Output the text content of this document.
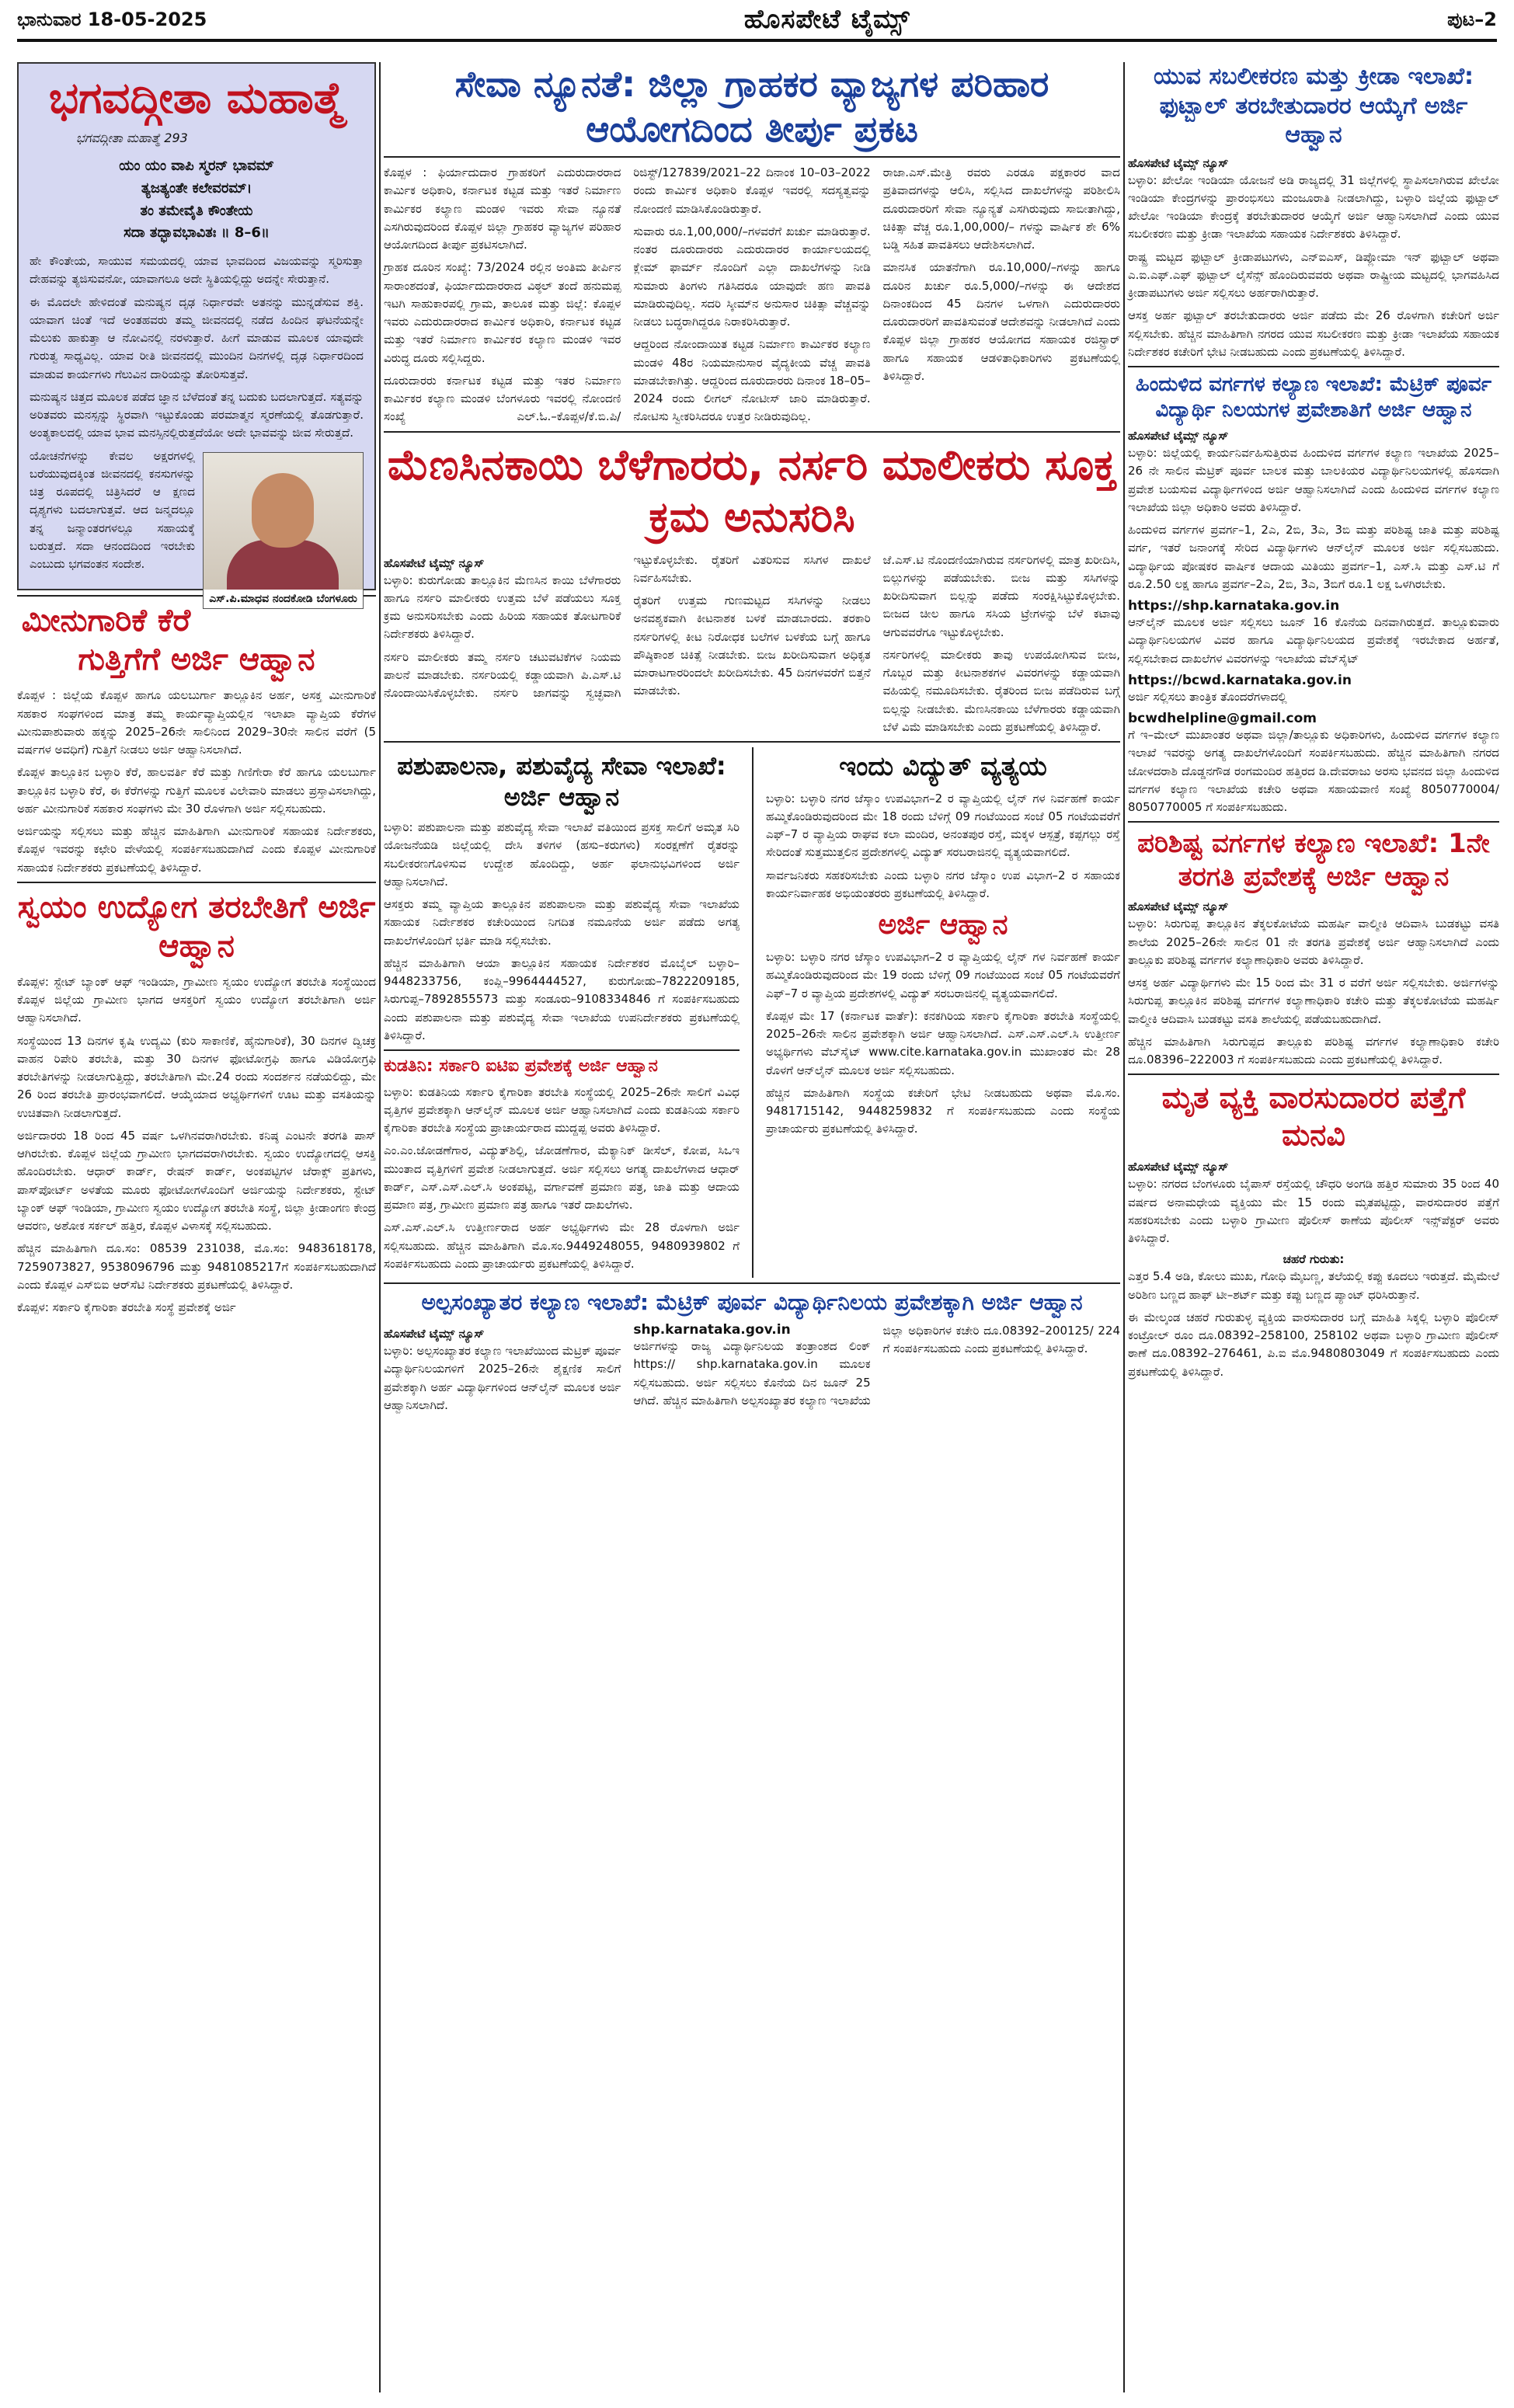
ಭಾನುವಾರ 18-05-2025	ಹೊಸಪೇಟೆ ಟೈಮ್ಸ್	ಪುಟ–2
ಭಗವದ್ಗೀತಾ ಮಹಾತ್ಮೆ
ಭಗವದ್ಗೀತಾ ಮಹಾತ್ಮೆ 293
ಯಂ ಯಂ ವಾಪಿ ಸ್ಮರನ್ ಭಾವಮ್
ತ್ಯಜತ್ಯಂತೇ ಕಲೇವರಮ್।
ತಂ ತಮೇವೈತಿ ಕೌಂತೇಯ
ಸದಾ ತದ್ಭಾವಭಾವಿತಃ ॥ 8–6॥

ಹೇ ಕೌಂತೇಯ, ಸಾಯುವ ಸಮಯದಲ್ಲಿ ಯಾವ ಭಾವದಿಂದ ವಿಜಯವನ್ನು ಸ್ಮರಿಸುತ್ತಾ ದೇಹವನ್ನು ತ್ಯಜಿಸುವನೋ, ಯಾವಾಗಲೂ ಅದೇ ಸ್ಥಿತಿಯಲ್ಲಿದ್ದು ಅದನ್ನೇ ಸೇರುತ್ತಾನೆ.

ಈ ಮೊದಲೇ ಹೇಳಿದಂತೆ ಮನುಷ್ಯನ ದೃಢ ನಿರ್ಧಾರವೇ ಅತನನ್ನು ಮುನ್ನಡೆಸುವ ಶಕ್ತಿ. ಯಾವಾಗ ಚಿಂತೆ ಇದೆ ಅಂತಹವರು ತಮ್ಮ ಜೀವನದಲ್ಲಿ ನಡೆದ ಹಿಂದಿನ ಘಟನೆಯನ್ನೇ ಮೆಲುಕು ಹಾಕುತ್ತಾ ಆ ನೋವಿನಲ್ಲಿ ನರಳುತ್ತಾರೆ. ಹೀಗೆ ಮಾಡುವ ಮೂಲಕ ಯಾವುದೇ ಗುರುತ್ವ ಸಾಧ್ಯವಿಲ್ಲ. ಯಾವ ರೀತಿ ಜೀವನದಲ್ಲಿ ಮುಂದಿನ ದಿನಗಳಲ್ಲಿ ದೃಢ ನಿರ್ಧಾರದಿಂದ ಮಾಡುವ ಕಾರ್ಯಗಳು ಗೆಲುವಿನ ದಾರಿಯನ್ನು ತೋರಿಸುತ್ತವೆ.

ಮನುಷ್ಯನ ಚಿತ್ತದ ಮೂಲಕ ಪಡೆದ ಜ್ಞಾನ ಬೆಳೆದಂತೆ ತನ್ನ ಬದುಕು ಬದಲಾಗುತ್ತದೆ. ಸತ್ಯವನ್ನು ಅರಿತವರು ಮನಸ್ಸನ್ನು ಸ್ಥಿರವಾಗಿ ಇಟ್ಟುಕೊಂಡು ಪರಮಾತ್ಮನ ಸ್ಮರಣೆಯಲ್ಲಿ ತೊಡಗುತ್ತಾರೆ. ಅಂತ್ಯಕಾಲದಲ್ಲಿ ಯಾವ ಭಾವ ಮನಸ್ಸಿನಲ್ಲಿರುತ್ತದೆಯೋ ಅದೇ ಭಾವವನ್ನು ಜೀವ ಸೇರುತ್ತದೆ.

ಎಸ್.ಪಿ.ಮಾಧವ ನಂದಕೋಡಿ ಬೆಂಗಳೂರು

ಯೋಚನೆಗಳನ್ನು ಕೇವಲ ಅಕ್ಷರಗಳಲ್ಲಿ ಬರೆಯುವುದಕ್ಕಿಂತ ಜೀವನದಲ್ಲಿ ಕನಸುಗಳನ್ನು ಚಿತ್ರ ರೂಪದಲ್ಲಿ ಚಿತ್ರಿಸಿದರೆ ಆ ಕ್ಷಣದ ದೃಶ್ಯಗಳು ಬದಲಾಗುತ್ತವೆ. ಆದ ಜನ್ಮದಲ್ಲೂ ತನ್ನ ಜನ್ಮಾಂತರಗಳಲ್ಲೂ ಸಹಾಯಕ್ಕೆ ಬರುತ್ತದೆ. ಸದಾ ಆನಂದದಿಂದ ಇರಬೇಕು ಎಂಬುದು ಭಗವಂತನ ಸಂದೇಶ.

ಮೀನುಗಾರಿಕೆ ಕೆರೆ ಗುತ್ತಿಗೆಗೆ ಅರ್ಜಿ ಆಹ್ವಾನ

ಕೊಪ್ಪಳ : ಜಿಲ್ಲೆಯ ಕೊಪ್ಪಳ ಹಾಗೂ ಯಲಬುರ್ಗಾ ತಾಲ್ಲೂಕಿನ ಅರ್ಹ, ಅಸಕ್ತ ಮೀನುಗಾರಿಕೆ ಸಹಕಾರ ಸಂಘಗಳಿಂದ ಮಾತ್ರ ತಮ್ಮ ಕಾರ್ಯವ್ಯಾಪ್ತಿಯಲ್ಲಿನ ಇಲಾಖಾ ವ್ಯಾಪ್ತಿಯ ಕೆರೆಗಳ ಮೀನುಪಾಶುವಾರು ಹಕ್ಕನ್ನು 2025–26ನೇ ಸಾಲಿನಿಂದ 2029–30ನೇ ಸಾಲಿನ ವರೆಗೆ (5 ವರ್ಷಗಳ ಅವಧಿಗೆ) ಗುತ್ತಿಗೆ ನೀಡಲು ಅರ್ಜಿ ಆಹ್ವಾನಿಸಲಾಗಿದೆ.

ಕೊಪ್ಪಳ ತಾಲ್ಲೂಕಿನ ಬಳ್ಳಾರಿ ಕೆರೆ, ಹಾಲವರ್ತಿ ಕೆರೆ ಮತ್ತು ಗಿಣಿಗೇರಾ ಕೆರೆ ಹಾಗೂ ಯಲಬುರ್ಗಾ ತಾಲ್ಲೂಕಿನ ಬಳ್ಳಾರಿ ಕೆರೆ, ಈ ಕೆರೆಗಳನ್ನು ಗುತ್ತಿಗೆ ಮೂಲಕ ವಿಲೇವಾರಿ ಮಾಡಲು ಪ್ರಸ್ತಾವಿಸಲಾಗಿದ್ದು, ಅರ್ಹ ಮೀನುಗಾರಿಕೆ ಸಹಕಾರ ಸಂಘಗಳು ಮೇ 30 ರೊಳಗಾಗಿ ಅರ್ಜಿ ಸಲ್ಲಿಸಬಹುದು.

ಅರ್ಜಿಯನ್ನು ಸಲ್ಲಿಸಲು ಮತ್ತು ಹೆಚ್ಚಿನ ಮಾಹಿತಿಗಾಗಿ ಮೀನುಗಾರಿಕೆ ಸಹಾಯಕ ನಿರ್ದೇಶಕರು, ಕೊಪ್ಪಳ ಇವರನ್ನು ಕಛೇರಿ ವೇಳೆಯಲ್ಲಿ ಸಂಪರ್ಕಿಸಬಹುದಾಗಿದೆ ಎಂದು ಕೊಪ್ಪಳ ಮೀನುಗಾರಿಕೆ ಸಹಾಯಕ ನಿರ್ದೇಶಕರು ಪ್ರಕಟಣೆಯಲ್ಲಿ ತಿಳಿಸಿದ್ದಾರೆ.

ಸ್ವಯಂ ಉದ್ಯೋಗ ತರಬೇತಿಗೆ ಅರ್ಜಿ ಆಹ್ವಾನ

ಕೊಪ್ಪಳ: ಸ್ಟೇಟ್ ಬ್ಯಾಂಕ್ ಆಫ್ ಇಂಡಿಯಾ, ಗ್ರಾಮೀಣ ಸ್ವಯಂ ಉದ್ಯೋಗ ತರಬೇತಿ ಸಂಸ್ಥೆಯಿಂದ ಕೊಪ್ಪಳ ಜಿಲ್ಲೆಯ ಗ್ರಾಮೀಣ ಭಾಗದ ಆಸಕ್ತರಿಗೆ ಸ್ವಯಂ ಉದ್ಯೋಗ ತರಬೇತಿಗಾಗಿ ಅರ್ಜಿ ಆಹ್ವಾನಿಸಲಾಗಿದೆ.

ಸಂಸ್ಥೆಯಿಂದ 13 ದಿನಗಳ ಕೃಷಿ ಉದ್ಯಮಿ (ಕುರಿ ಸಾಕಾಣಿಕೆ, ಹೈನುಗಾರಿಕೆ), 30 ದಿನಗಳ ದ್ವಿಚಕ್ರ ವಾಹನ ರಿಪೇರಿ ತರಬೇತಿ, ಮತ್ತು 30 ದಿನಗಳ ಫೋಟೋಗ್ರಫಿ ಹಾಗೂ ವಿಡಿಯೋಗ್ರಫಿ ತರಬೇತಿಗಳನ್ನು ನೀಡಲಾಗುತ್ತಿದ್ದು, ತರಬೇತಿಗಾಗಿ ಮೇ.24 ರಂದು ಸಂದರ್ಶನ ನಡೆಯಲಿದ್ದು, ಮೇ 26 ರಿಂದ ತರಬೇತಿ ಪ್ರಾರಂಭವಾಗಲಿದೆ. ಆಯ್ಕೆಯಾದ ಅಭ್ಯರ್ಥಿಗಳಿಗೆ ಊಟ ಮತ್ತು ವಸತಿಯನ್ನು ಉಚಿತವಾಗಿ ನೀಡಲಾಗುತ್ತದೆ.

ಅರ್ಜಿದಾರರು 18 ರಿಂದ 45 ವರ್ಷ ಒಳಗಿನವರಾಗಿರಬೇಕು. ಕನಿಷ್ಠ ಎಂಟನೇ ತರಗತಿ ಪಾಸ್ ಆಗಿರಬೇಕು. ಕೊಪ್ಪಳ ಜಿಲ್ಲೆಯ ಗ್ರಾಮೀಣ ಭಾಗದವರಾಗಿರಬೇಕು. ಸ್ವಯಂ ಉದ್ಯೋಗದಲ್ಲಿ ಆಸಕ್ತಿ ಹೊಂದಿರಬೇಕು. ಆಧಾರ್ ಕಾರ್ಡ್, ರೇಷನ್ ಕಾರ್ಡ್, ಅಂಕಪಟ್ಟಿಗಳ ಜೆರಾಕ್ಸ್ ಪ್ರತಿಗಳು, ಪಾಸ್‌ಪೋರ್ಟ್ ಅಳತೆಯ ಮೂರು ಫೋಟೋಗಳೊಂದಿಗೆ ಅರ್ಜಿಯನ್ನು ನಿರ್ದೇಶಕರು, ಸ್ಟೇಟ್ ಬ್ಯಾಂಕ್ ಆಫ್ ಇಂಡಿಯಾ, ಗ್ರಾಮೀಣ ಸ್ವಯಂ ಉದ್ಯೋಗ ತರಬೇತಿ ಸಂಸ್ಥೆ, ಜಿಲ್ಲಾ ಕ್ರೀಡಾಂಗಣ ಕೇಂದ್ರ ಆವರಣ, ಅಶೋಕ ಸರ್ಕಲ್ ಹತ್ತಿರ, ಕೊಪ್ಪಳ ವಿಳಾಸಕ್ಕೆ ಸಲ್ಲಿಸಬಹುದು.

ಹೆಚ್ಚಿನ ಮಾಹಿತಿಗಾಗಿ ದೂ.ಸಂ: 08539 231038, ಮೊ.ಸಂ: 9483618178, 7259073827, 9538096796 ಮತ್ತು 9481085217ಗೆ ಸಂಪರ್ಕಿಸಬಹುದಾಗಿದೆ ಎಂದು ಕೊಪ್ಪಳ ಎಸ್‌ಬಿಐ ಆರ್‌ಸೆಟಿ ನಿರ್ದೇಶಕರು ಪ್ರಕಟಣೆಯಲ್ಲಿ ತಿಳಿಸಿದ್ದಾರೆ.

ಕೊಪ್ಪಳ: ಸರ್ಕಾರಿ ಕೈಗಾರಿಕಾ ತರಬೇತಿ ಸಂಸ್ಥೆ ಪ್ರವೇಶಕ್ಕೆ ಅರ್ಜಿ

ಸೇವಾ ನ್ಯೂನತೆ: ಜಿಲ್ಲಾ ಗ್ರಾಹಕರ ವ್ಯಾಜ್ಯಗಳ ಪರಿಹಾರ ಆಯೋಗದಿಂದ ತೀರ್ಪು ಪ್ರಕಟ

ಕೊಪ್ಪಳ : ಫಿರ್ಯಾದುದಾರ ಗ್ರಾಹಕರಿಗೆ ಎದುರುದಾರರಾದ ಕಾರ್ಮಿಕ ಅಧಿಕಾರಿ, ಕರ್ನಾಟಕ ಕಟ್ಟಡ ಮತ್ತು ಇತರೆ ನಿರ್ಮಾಣ ಕಾರ್ಮಿಕರ ಕಲ್ಯಾಣ ಮಂಡಳಿ ಇವರು ಸೇವಾ ನ್ಯೂನತೆ ಎಸಗಿರುವುದರಿಂದ ಕೊಪ್ಪಳ ಜಿಲ್ಲಾ ಗ್ರಾಹಕರ ವ್ಯಾಜ್ಯಗಳ ಪರಿಹಾರ ಆಯೋಗದಿಂದ ತೀರ್ಪು ಪ್ರಕಟಿಸಲಾಗಿದೆ.

ಗ್ರಾಹಕ ದೂರಿನ ಸಂಖ್ಯೆ: 73/2024 ರಲ್ಲಿನ ಅಂತಿಮ ತೀರ್ಪಿನ ಸಾರಾಂಶದಂತೆ, ಫಿರ್ಯಾದುದಾರರಾದ ವಿಠ್ಠಲ್ ತಂದೆ ಹನುಮಪ್ಪ ಇಟಗಿ ಸಾಹುಕಾರಪಲ್ಲಿ ಗ್ರಾಮ, ತಾಲೂಕ ಮತ್ತು ಜಿಲ್ಲೆ: ಕೊಪ್ಪಳ ಇವರು ಎದುರುದಾರರಾದ ಕಾರ್ಮಿಕ ಅಧಿಕಾರಿ, ಕರ್ನಾಟಕ ಕಟ್ಟಡ ಮತ್ತು ಇತರೆ ನಿರ್ಮಾಣ ಕಾರ್ಮಿಕರ ಕಲ್ಯಾಣ ಮಂಡಳಿ ಇವರ ವಿರುದ್ಧ ದೂರು ಸಲ್ಲಿಸಿದ್ದರು.

ದೂರುದಾರರು ಕರ್ನಾಟಕ ಕಟ್ಟಡ ಮತ್ತು ಇತರ ನಿರ್ಮಾಣ ಕಾರ್ಮಿಕರ ಕಲ್ಯಾಣ ಮಂಡಳಿ ಬೆಂಗಳೂರು ಇವರಲ್ಲಿ ನೋಂದಣಿ ಸಂಖ್ಯೆ ಎಲ್.ಓ.–ಕೊಪ್ಪಳ/ಕೆ.ಬಿ.ಪಿ/ರಿಜಿಸ್ಟ್/127839/2021–22 ದಿನಾಂಕ 10–03–2022 ರಂದು ಕಾರ್ಮಿಕ ಅಧಿಕಾರಿ ಕೊಪ್ಪಳ ಇವರಲ್ಲಿ ಸದಸ್ಯತ್ವವನ್ನು ನೋಂದಣಿ ಮಾಡಿಸಿಕೊಂಡಿರುತ್ತಾರೆ.

ಸುವಾರು ರೂ.1,00,000/–ಗಳವರೆಗೆ ಖರ್ಚು ಮಾಡಿರುತ್ತಾರೆ. ನಂತರ ದೂರುದಾರರು ಎದುರುದಾರರ ಕಾರ್ಯಾಲಯದಲ್ಲಿ ಕ್ಲೇಮ್ ಫಾರ್ಮ್ ನೊಂದಿಗೆ ಎಲ್ಲಾ ದಾಖಲೆಗಳನ್ನು ನೀಡಿ ಸುಮಾರು ತಿಂಗಳು ಗತಿಸಿದರೂ ಯಾವುದೇ ಹಣ ಪಾವತಿ ಮಾಡಿರುವುದಿಲ್ಲ. ಸದರಿ ಸ್ಕೀಮ್‌ನ ಅನುಸಾರ ಚಿಕಿತ್ಸಾ ವೆಚ್ಚವನ್ನು ನೀಡಲು ಬದ್ಧರಾಗಿದ್ದರೂ ನಿರಾಕರಿಸಿರುತ್ತಾರೆ.

ಆದ್ದರಿಂದ ನೋಂದಾಯಿತ ಕಟ್ಟಡ ನಿರ್ಮಾಣ ಕಾರ್ಮಿಕರ ಕಲ್ಯಾಣ ಮಂಡಳಿ 48ರ ನಿಯಮಾನುಸಾರ ವೈದ್ಯಕೀಯ ವೆಚ್ಚ ಪಾವತಿ ಮಾಡಬೇಕಾಗಿತ್ತು. ಆದ್ದರಿಂದ ದೂರುದಾರರು ದಿನಾಂಕ 18–05–2024 ರಂದು ಲೀಗಲ್ ನೋಟೀಸ್ ಜಾರಿ ಮಾಡಿರುತ್ತಾರೆ. ನೋಟಿಸು ಸ್ವೀಕರಿಸಿದರೂ ಉತ್ತರ ನೀಡಿರುವುದಿಲ್ಲ.

ರಾಜಾ.ಎಸ್.ಮೇತ್ರಿ ರವರು ಎರಡೂ ಪಕ್ಷಕಾರರ ವಾದ ಪ್ರತಿವಾದಗಳನ್ನು ಆಲಿಸಿ, ಸಲ್ಲಿಸಿದ ದಾಖಲೆಗಳನ್ನು ಪರಿಶೀಲಿಸಿ ದೂರುದಾರರಿಗೆ ಸೇವಾ ನ್ಯೂನ್ಯತೆ ಎಸಗಿರುವುದು ಸಾಬೀತಾಗಿದ್ದು, ಚಿಕಿತ್ಸಾ ವೆಚ್ಚ ರೂ.1,00,000/– ಗಳನ್ನು ವಾರ್ಷಿಕ ಶೇ 6% ಬಡ್ಡಿ ಸಹಿತ ಪಾವತಿಸಲು ಆದೇಶಿಸಲಾಗಿದೆ.

ಮಾನಸಿಕ ಯಾತನೆಗಾಗಿ ರೂ.10,000/–ಗಳನ್ನು ಹಾಗೂ ದೂರಿನ ಖರ್ಚು ರೂ.5,000/–ಗಳನ್ನು ಈ ಆದೇಶದ ದಿನಾಂಕದಿಂದ 45 ದಿನಗಳ ಒಳಗಾಗಿ ಎದುರುದಾರರು ದೂರುದಾರರಿಗೆ ಪಾವತಿಸುವಂತೆ ಆದೇಶವನ್ನು ನೀಡಲಾಗಿದೆ ಎಂದು ಕೊಪ್ಪಳ ಜಿಲ್ಲಾ ಗ್ರಾಹಕರ ಆಯೋಗದ ಸಹಾಯಕ ರಜಿಸ್ಟ್ರಾರ್ ಹಾಗೂ ಸಹಾಯಕ ಆಡಳಿತಾಧಿಕಾರಿಗಳು ಪ್ರಕಟಣೆಯಲ್ಲಿ ತಿಳಿಸಿದ್ದಾರೆ.

ಮೆಣಸಿನಕಾಯಿ ಬೆಳೆಗಾರರು, ನರ್ಸರಿ ಮಾಲೀಕರು ಸೂಕ್ತ ಕ್ರಮ ಅನುಸರಿಸಿ
ಹೊಸಪೇಟೆ ಟೈಮ್ಸ್ ನ್ಯೂಸ್

ಬಳ್ಳಾರಿ: ಕುರುಗೋಡು ತಾಲ್ಲೂಕಿನ ಮೆಣಸಿನ ಕಾಯಿ ಬೆಳೆಗಾರರು ಹಾಗೂ ನರ್ಸರಿ ಮಾಲೀಕರು ಉತ್ತಮ ಬೆಳೆ ಪಡೆಯಲು ಸೂಕ್ತ ಕ್ರಮ ಅನುಸರಿಸಬೇಕು ಎಂದು ಹಿರಿಯ ಸಹಾಯಕ ತೋಟಗಾರಿಕೆ ನಿರ್ದೇಶಕರು ತಿಳಿಸಿದ್ದಾರೆ.

ನರ್ಸರಿ ಮಾಲೀಕರು ತಮ್ಮ ನರ್ಸರಿ ಚಟುವಟಿಕೆಗಳ ನಿಯಮ ಪಾಲನೆ ಮಾಡಬೇಕು. ನರ್ಸರಿಯಲ್ಲಿ ಕಡ್ಡಾಯವಾಗಿ ಪಿ.ಎಸ್.ಟಿ ನೊಂದಾಯಿಸಿಕೊಳ್ಳಬೇಕು. ನರ್ಸರಿ ಜಾಗವನ್ನು ಸ್ವಚ್ಛವಾಗಿ ಇಟ್ಟುಕೊಳ್ಳಬೇಕು. ರೈತರಿಗೆ ವಿತರಿಸುವ ಸಸಿಗಳ ದಾಖಲೆ ನಿರ್ವಹಿಸಬೇಕು.

ರೈತರಿಗೆ ಉತ್ತಮ ಗುಣಮಟ್ಟದ ಸಸಿಗಳನ್ನು ನೀಡಲು ಅನವಶ್ಯಕವಾಗಿ ಕೀಟನಾಶಕ ಬಳಕೆ ಮಾಡಬಾರದು. ತರಕಾರಿ ನರ್ಸರಿಗಳಲ್ಲಿ ಕೀಟ ನಿರೋಧಕ ಬಲೆಗಳ ಬಳಕೆಯ ಬಗ್ಗೆ ಹಾಗೂ ಪೌಷ್ಠಿಕಾಂಶ ಚಿಕಿತ್ಸೆ ನೀಡಬೇಕು. ಬೀಜ ಖರೀದಿಸುವಾಗ ಅಧಿಕೃತ ಮಾರಾಟಗಾರರಿಂದಲೇ ಖರೀದಿಸಬೇಕು. 45 ದಿನಗಳವರೆಗೆ ಬಿತ್ತನೆ ಮಾಡಬೇಕು.

ಜೆ.ಎಸ್.ಟಿ ನೊಂದಣಿಯಾಗಿರುವ ನರ್ಸರಿಗಳಲ್ಲಿ ಮಾತ್ರ ಖರೀದಿಸಿ, ಬಿಲ್ಲುಗಳನ್ನು ಪಡೆಯಬೇಕು. ಬೀಜ ಮತ್ತು ಸಸಿಗಳನ್ನು ಖರೀದಿಸುವಾಗ ಬಿಲ್ಲನ್ನು ಪಡೆದು ಸಂರಕ್ಷಿಸಿಟ್ಟುಕೊಳ್ಳಬೇಕು. ಬೀಜದ ಚೀಲ ಹಾಗೂ ಸಸಿಯ ಟ್ರೇಗಳನ್ನು ಬೆಳೆ ಕಟಾವು ಆಗುವವರೆಗೂ ಇಟ್ಟುಕೊಳ್ಳಬೇಕು.

ನರ್ಸರಿಗಳಲ್ಲಿ ಮಾಲೀಕರು ತಾವು ಉಪಯೋಗಿಸುವ ಬೀಜ, ಗೊಬ್ಬರ ಮತ್ತು ಕೀಟನಾಶಕಗಳ ವಿವರಗಳನ್ನು ಕಡ್ಡಾಯವಾಗಿ ವಹಿಯಲ್ಲಿ ನಮೂದಿಸಬೇಕು. ರೈತರಿಂದ ಬೀಜ ಪಡೆದಿರುವ ಬಗ್ಗೆ ಬಿಲ್ಲನ್ನು ನೀಡಬೇಕು. ಮೆಣಸಿನಕಾಯಿ ಬೆಳೆಗಾರರು ಕಡ್ಡಾಯವಾಗಿ ಬೆಳೆ ವಿಮೆ ಮಾಡಿಸಬೇಕು ಎಂದು ಪ್ರಕಟಣೆಯಲ್ಲಿ ತಿಳಿಸಿದ್ದಾರೆ.

ಪಶುಪಾಲನಾ, ಪಶುವೈದ್ಯ ಸೇವಾ ಇಲಾಖೆ: ಅರ್ಜಿ ಆಹ್ವಾನ

ಬಳ್ಳಾರಿ: ಪಶುಪಾಲನಾ ಮತ್ತು ಪಶುವೈದ್ಯ ಸೇವಾ ಇಲಾಖೆ ವತಿಯಿಂದ ಪ್ರಸಕ್ತ ಸಾಲಿಗೆ ಅಮೃತ ಸಿರಿ ಯೋಜನೆಯಡಿ ಜಿಲ್ಲೆಯಲ್ಲಿ ದೇಸಿ ತಳಿಗಳ (ಹಸು–ಕರುಗಳು) ಸಂರಕ್ಷಣೆಗೆ ರೈತರನ್ನು ಸಬಲೀಕರಣಗೊಳಿಸುವ ಉದ್ದೇಶ ಹೊಂದಿದ್ದು, ಅರ್ಹ ಫಲಾನುಭವಿಗಳಿಂದ ಅರ್ಜಿ ಆಹ್ವಾನಿಸಲಾಗಿದೆ.

ಆಸಕ್ತರು ತಮ್ಮ ವ್ಯಾಪ್ತಿಯ ತಾಲ್ಲೂಕಿನ ಪಶುಪಾಲನಾ ಮತ್ತು ಪಶುವೈದ್ಯ ಸೇವಾ ಇಲಾಖೆಯ ಸಹಾಯಕ ನಿರ್ದೇಶಕರ ಕಚೇರಿಯಿಂದ ನಿಗದಿತ ನಮೂನೆಯ ಅರ್ಜಿ ಪಡೆದು ಅಗತ್ಯ ದಾಖಲೆಗಳೊಂದಿಗೆ ಭರ್ತಿ ಮಾಡಿ ಸಲ್ಲಿಸಬೇಕು.

ಹೆಚ್ಚಿನ ಮಾಹಿತಿಗಾಗಿ ಆಯಾ ತಾಲ್ಲೂಕಿನ ಸಹಾಯಕ ನಿರ್ದೇಶಕರ ಮೊಬೈಲ್ ಬಳ್ಳಾರಿ–9448233756, ಕಂಪ್ಲಿ–9964444527, ಕುರುಗೋಡು–7822209185, ಸಿರುಗುಪ್ಪ–7892855573 ಮತ್ತು ಸಂಡೂರು–9108334846 ಗೆ ಸಂಪರ್ಕಿಸಬಹುದು ಎಂದು ಪಶುಪಾಲನಾ ಮತ್ತು ಪಶುವೈದ್ಯ ಸೇವಾ ಇಲಾಖೆಯ ಉಪನಿರ್ದೇಶಕರು ಪ್ರಕಟಣೆಯಲ್ಲಿ ತಿಳಿಸಿದ್ದಾರೆ.

ಕುಡತಿನಿ: ಸರ್ಕಾರಿ ಐಟಿಐ ಪ್ರವೇಶಕ್ಕೆ ಅರ್ಜಿ ಆಹ್ವಾನ

ಬಳ್ಳಾರಿ: ಕುಡತಿನಿಯ ಸರ್ಕಾರಿ ಕೈಗಾರಿಕಾ ತರಬೇತಿ ಸಂಸ್ಥೆಯಲ್ಲಿ 2025–26ನೇ ಸಾಲಿಗೆ ವಿವಿಧ ವೃತ್ತಿಗಳ ಪ್ರವೇಶಕ್ಕಾಗಿ ಆನ್‌ಲೈನ್ ಮೂಲಕ ಅರ್ಜಿ ಆಹ್ವಾನಿಸಲಾಗಿದೆ ಎಂದು ಕುಡತಿನಿಯ ಸರ್ಕಾರಿ ಕೈಗಾರಿಕಾ ತರಬೇತಿ ಸಂಸ್ಥೆಯ ಪ್ರಾಚಾರ್ಯರಾದ ಮುದ್ದಪ್ಪ ಅವರು ತಿಳಿಸಿದ್ದಾರೆ.

ಎಂ.ಎಂ.ಜೋಡಣೆಗಾರ, ವಿದ್ಯುತ್‌ಶಿಲ್ಪಿ, ಜೋಡಣೆಗಾರ, ಮೆಕ್ಯಾನಿಕ್ ಡೀಸೆಲ್, ಕೋಪ, ಸಿಒಇ ಮುಂತಾದ ವೃತ್ತಿಗಳಿಗೆ ಪ್ರವೇಶ ನೀಡಲಾಗುತ್ತದೆ. ಅರ್ಜಿ ಸಲ್ಲಿಸಲು ಅಗತ್ಯ ದಾಖಲೆಗಳಾದ ಆಧಾರ್ ಕಾರ್ಡ್, ಎಸ್.ಎಸ್.ಎಲ್.ಸಿ ಅಂಕಪಟ್ಟಿ, ವರ್ಗಾವಣೆ ಪ್ರಮಾಣ ಪತ್ರ, ಜಾತಿ ಮತ್ತು ಆದಾಯ ಪ್ರಮಾಣ ಪತ್ರ, ಗ್ರಾಮೀಣ ಪ್ರಮಾಣ ಪತ್ರ ಹಾಗೂ ಇತರೆ ದಾಖಲೆಗಳು.

ಎಸ್.ಎಸ್.ಎಲ್.ಸಿ ಉತ್ತೀರ್ಣರಾದ ಅರ್ಹ ಅಭ್ಯರ್ಥಿಗಳು ಮೇ 28 ರೊಳಗಾಗಿ ಅರ್ಜಿ ಸಲ್ಲಿಸಬಹುದು. ಹೆಚ್ಚಿನ ಮಾಹಿತಿಗಾಗಿ ಮೊ.ಸಂ.9449248055, 9480939802 ಗೆ ಸಂಪರ್ಕಿಸಬಹುದು ಎಂದು ಪ್ರಾಚಾರ್ಯರು ಪ್ರಕಟಣೆಯಲ್ಲಿ ತಿಳಿಸಿದ್ದಾರೆ.

ಇಂದು ವಿದ್ಯುತ್ ವ್ಯತ್ಯಯ

ಬಳ್ಳಾರಿ: ಬಳ್ಳಾರಿ ನಗರ ಜೆಸ್ಕಾಂ ಉಪವಿಭಾಗ–2 ರ ವ್ಯಾಪ್ತಿಯಲ್ಲಿ ಲೈನ್ ಗಳ ನಿರ್ವಹಣೆ ಕಾರ್ಯ ಹಮ್ಮಿಕೊಂಡಿರುವುದರಿಂದ ಮೇ 18 ರಂದು ಬೆಳಿಗ್ಗೆ 09 ಗಂಟೆಯಿಂದ ಸಂಜೆ 05 ಗಂಟೆಯವರೆಗೆ ಎಫ್–7 ರ ವ್ಯಾಪ್ತಿಯ ರಾಘವ ಕಲಾ ಮಂದಿರ, ಅನಂತಪುರ ರಸ್ತೆ, ಮಕ್ಕಳ ಆಸ್ಪತ್ರೆ, ಕಪ್ಪಗಲ್ಲು ರಸ್ತೆ ಸೇರಿದಂತೆ ಸುತ್ತಮುತ್ತಲಿನ ಪ್ರದೇಶಗಳಲ್ಲಿ ವಿದ್ಯುತ್ ಸರಬರಾಜಿನಲ್ಲಿ ವ್ಯತ್ಯಯವಾಗಲಿದೆ.

ಸಾರ್ವಜನಿಕರು ಸಹಕರಿಸಬೇಕು ಎಂದು ಬಳ್ಳಾರಿ ನಗರ ಜೆಸ್ಕಾಂ ಉಪ ವಿಭಾಗ–2 ರ ಸಹಾಯಕ ಕಾರ್ಯನಿರ್ವಾಹಕ ಅಭಿಯಂತರರು ಪ್ರಕಟಣೆಯಲ್ಲಿ ತಿಳಿಸಿದ್ದಾರೆ.

ಅರ್ಜಿ ಆಹ್ವಾನ

ಬಳ್ಳಾರಿ: ಬಳ್ಳಾರಿ ನಗರ ಜೆಸ್ಕಾಂ ಉಪವಿಭಾಗ–2 ರ ವ್ಯಾಪ್ತಿಯಲ್ಲಿ ಲೈನ್ ಗಳ ನಿರ್ವಹಣೆ ಕಾರ್ಯ ಹಮ್ಮಿಕೊಂಡಿರುವುದರಿಂದ ಮೇ 19 ರಂದು ಬೆಳಿಗ್ಗೆ 09 ಗಂಟೆಯಿಂದ ಸಂಜೆ 05 ಗಂಟೆಯವರೆಗೆ ಎಫ್–7 ರ ವ್ಯಾಪ್ತಿಯ ಪ್ರದೇಶಗಳಲ್ಲಿ ವಿದ್ಯುತ್ ಸರಬರಾಜಿನಲ್ಲಿ ವ್ಯತ್ಯಯವಾಗಲಿದೆ.

ಕೊಪ್ಪಳ ಮೇ 17 (ಕರ್ನಾಟಕ ವಾರ್ತೆ): ಕನಕಗಿರಿಯ ಸರ್ಕಾರಿ ಕೈಗಾರಿಕಾ ತರಬೇತಿ ಸಂಸ್ಥೆಯಲ್ಲಿ 2025–26ನೇ ಸಾಲಿನ ಪ್ರವೇಶಕ್ಕಾಗಿ ಅರ್ಜಿ ಆಹ್ವಾನಿಸಲಾಗಿದೆ. ಎಸ್.ಎಸ್.ಎಲ್.ಸಿ ಉತ್ತೀರ್ಣ ಅಭ್ಯರ್ಥಿಗಳು ವೆಬ್‌ಸೈಟ್ www.cite.karnataka.gov.in ಮುಖಾಂತರ ಮೇ 28 ರೊಳಗೆ ಆನ್‌ಲೈನ್ ಮೂಲಕ ಅರ್ಜಿ ಸಲ್ಲಿಸಬಹುದು.

ಹೆಚ್ಚಿನ ಮಾಹಿತಿಗಾಗಿ ಸಂಸ್ಥೆಯ ಕಚೇರಿಗೆ ಭೇಟಿ ನೀಡಬಹುದು ಅಥವಾ ಮೊ.ಸಂ. 9481715142, 9448259832 ಗೆ ಸಂಪರ್ಕಿಸಬಹುದು ಎಂದು ಸಂಸ್ಥೆಯ ಪ್ರಾಚಾರ್ಯರು ಪ್ರಕಟಣೆಯಲ್ಲಿ ತಿಳಿಸಿದ್ದಾರೆ.

ಅಲ್ಪಸಂಖ್ಯಾತರ ಕಲ್ಯಾಣ ಇಲಾಖೆ: ಮೆಟ್ರಿಕ್ ಪೂರ್ವ ವಿದ್ಯಾರ್ಥಿನಿಲಯ ಪ್ರವೇಶಕ್ಕಾಗಿ ಅರ್ಜಿ ಆಹ್ವಾನ
ಹೊಸಪೇಟೆ ಟೈಮ್ಸ್ ನ್ಯೂಸ್

ಬಳ್ಳಾರಿ: ಅಲ್ಪಸಂಖ್ಯಾತರ ಕಲ್ಯಾಣ ಇಲಾಖೆಯಿಂದ ಮೆಟ್ರಿಕ್ ಪೂರ್ವ ವಿದ್ಯಾರ್ಥಿನಿಲಯಗಳಿಗೆ 2025–26ನೇ ಶೈಕ್ಷಣಿಕ ಸಾಲಿಗೆ ಪ್ರವೇಶಕ್ಕಾಗಿ ಅರ್ಹ ವಿದ್ಯಾರ್ಥಿಗಳಿಂದ ಆನ್‌ಲೈನ್ ಮೂಲಕ ಅರ್ಜಿ ಆಹ್ವಾನಿಸಲಾಗಿದೆ.

shp.karnataka.gov.in

ಅರ್ಜಿಗಳನ್ನು ರಾಜ್ಯ ವಿದ್ಯಾರ್ಥಿನಿಲಯ ತಂತ್ರಾಂಶದ ಲಿಂಕ್ https:// shp.karnataka.gov.in ಮೂಲಕ ಸಲ್ಲಿಸಬಹುದು. ಅರ್ಜಿ ಸಲ್ಲಿಸಲು ಕೊನೆಯ ದಿನ ಜೂನ್ 25 ಆಗಿದೆ. ಹೆಚ್ಚಿನ ಮಾಹಿತಿಗಾಗಿ ಅಲ್ಪಸಂಖ್ಯಾತರ ಕಲ್ಯಾಣ ಇಲಾಖೆಯ ಜಿಲ್ಲಾ ಅಧಿಕಾರಿಗಳ ಕಚೇರಿ ದೂ.08392–200125/ 224 ಗೆ ಸಂಪರ್ಕಿಸಬಹುದು ಎಂದು ಪ್ರಕಟಣೆಯಲ್ಲಿ ತಿಳಿಸಿದ್ದಾರೆ.

ಯುವ ಸಬಲೀಕರಣ ಮತ್ತು ಕ್ರೀಡಾ ಇಲಾಖೆ: ಫುಟ್ಬಾಲ್ ತರಬೇತುದಾರರ ಆಯ್ಕೆಗೆ ಅರ್ಜಿ ಆಹ್ವಾನ
ಹೊಸಪೇಟೆ ಟೈಮ್ಸ್ ನ್ಯೂಸ್

ಬಳ್ಳಾರಿ: ಖೇಲೋ ಇಂಡಿಯಾ ಯೋಜನೆ ಅಡಿ ರಾಜ್ಯದಲ್ಲಿ 31 ಜಿಲ್ಲೆಗಳಲ್ಲಿ ಸ್ಥಾಪಿಸಲಾಗಿರುವ ಖೇಲೋ ಇಂಡಿಯಾ ಕೇಂದ್ರಗಳನ್ನು ಪ್ರಾರಂಭಿಸಲು ಮಂಜೂರಾತಿ ನೀಡಲಾಗಿದ್ದು, ಬಳ್ಳಾರಿ ಜಿಲ್ಲೆಯ ಫುಟ್ಬಾಲ್ ಖೇಲೋ ಇಂಡಿಯಾ ಕೇಂದ್ರಕ್ಕೆ ತರಬೇತುದಾರರ ಆಯ್ಕೆಗೆ ಅರ್ಜಿ ಆಹ್ವಾನಿಸಲಾಗಿದೆ ಎಂದು ಯುವ ಸಬಲೀಕರಣ ಮತ್ತು ಕ್ರೀಡಾ ಇಲಾಖೆಯ ಸಹಾಯಕ ನಿರ್ದೇಶಕರು ತಿಳಿಸಿದ್ದಾರೆ.

ರಾಷ್ಟ್ರ ಮಟ್ಟದ ಫುಟ್ಬಾಲ್ ಕ್ರೀಡಾಪಟುಗಳು, ಎನ್‌ಐಎಸ್, ಡಿಪ್ಲೋಮಾ ಇನ್ ಫುಟ್ಬಾಲ್ ಅಥವಾ ಎ.ಐ.ಎಫ್.ಎಫ್ ಫುಟ್ಬಾಲ್ ಲೈಸೆನ್ಸ್ ಹೊಂದಿರುವವರು ಅಥವಾ ರಾಷ್ಟ್ರೀಯ ಮಟ್ಟದಲ್ಲಿ ಭಾಗವಹಿಸಿದ ಕ್ರೀಡಾಪಟುಗಳು ಅರ್ಜಿ ಸಲ್ಲಿಸಲು ಅರ್ಹರಾಗಿರುತ್ತಾರೆ.

ಆಸಕ್ತ ಅರ್ಹ ಫುಟ್ಬಾಲ್ ತರಬೇತುದಾರರು ಅರ್ಜಿ ಪಡೆದು ಮೇ 26 ರೊಳಗಾಗಿ ಕಚೇರಿಗೆ ಅರ್ಜಿ ಸಲ್ಲಿಸಬೇಕು. ಹೆಚ್ಚಿನ ಮಾಹಿತಿಗಾಗಿ ನಗರದ ಯುವ ಸಬಲೀಕರಣ ಮತ್ತು ಕ್ರೀಡಾ ಇಲಾಖೆಯ ಸಹಾಯಕ ನಿರ್ದೇಶಕರ ಕಚೇರಿಗೆ ಭೇಟಿ ನೀಡಬಹುದು ಎಂದು ಪ್ರಕಟಣೆಯಲ್ಲಿ ತಿಳಿಸಿದ್ದಾರೆ.

ಹಿಂದುಳಿದ ವರ್ಗಗಳ ಕಲ್ಯಾಣ ಇಲಾಖೆ: ಮೆಟ್ರಿಕ್ ಪೂರ್ವ ವಿದ್ಯಾರ್ಥಿ ನಿಲಯಗಳ ಪ್ರವೇಶಾತಿಗೆ ಅರ್ಜಿ ಆಹ್ವಾನ
ಹೊಸಪೇಟೆ ಟೈಮ್ಸ್ ನ್ಯೂಸ್

ಬಳ್ಳಾರಿ: ಜಿಲ್ಲೆಯಲ್ಲಿ ಕಾರ್ಯನಿರ್ವಹಿಸುತ್ತಿರುವ ಹಿಂದುಳಿದ ವರ್ಗಗಳ ಕಲ್ಯಾಣ ಇಲಾಖೆಯ 2025–26 ನೇ ಸಾಲಿನ ಮೆಟ್ರಿಕ್ ಪೂರ್ವ ಬಾಲಕ ಮತ್ತು ಬಾಲಕಿಯರ ವಿದ್ಯಾರ್ಥಿನಿಲಯಗಳಲ್ಲಿ ಹೊಸದಾಗಿ ಪ್ರವೇಶ ಬಯಸುವ ವಿದ್ಯಾರ್ಥಿಗಳಿಂದ ಅರ್ಜಿ ಆಹ್ವಾನಿಸಲಾಗಿದೆ ಎಂದು ಹಿಂದುಳಿದ ವರ್ಗಗಳ ಕಲ್ಯಾಣ ಇಲಾಖೆಯ ಜಿಲ್ಲಾ ಅಧಿಕಾರಿ ಅವರು ತಿಳಿಸಿದ್ದಾರೆ.

ಹಿಂದುಳಿದ ವರ್ಗಗಳ ಪ್ರವರ್ಗ–1, 2ಎ, 2ಬಿ, 3ಎ, 3ಬಿ ಮತ್ತು ಪರಿಶಿಷ್ಟ ಜಾತಿ ಮತ್ತು ಪರಿಶಿಷ್ಟ ವರ್ಗ, ಇತರೆ ಜನಾಂಗಕ್ಕೆ ಸೇರಿದ ವಿದ್ಯಾರ್ಥಿಗಳು ಆನ್‌ಲೈನ್ ಮೂಲಕ ಅರ್ಜಿ ಸಲ್ಲಿಸಬಹುದು. ವಿದ್ಯಾರ್ಥಿಯ ಪೋಷಕರ ವಾರ್ಷಿಕ ಆದಾಯ ಮಿತಿಯು ಪ್ರವರ್ಗ–1, ಎಸ್.ಸಿ ಮತ್ತು ಎಸ್.ಟಿ ಗೆ ರೂ.2.50 ಲಕ್ಷ ಹಾಗೂ ಪ್ರವರ್ಗ–2ಎ, 2ಬಿ, 3ಎ, 3ಬಿಗೆ ರೂ.1 ಲಕ್ಷ ಒಳಗಿರಬೇಕು.

https://shp.karnataka.gov.in

ಆನ್‌ಲೈನ್ ಮೂಲಕ ಅರ್ಜಿ ಸಲ್ಲಿಸಲು ಜೂನ್ 16 ಕೊನೆಯ ದಿನವಾಗಿರುತ್ತದೆ. ತಾಲ್ಲೂಕುವಾರು ವಿದ್ಯಾರ್ಥಿನಿಲಯಗಳ ವಿವರ ಹಾಗೂ ವಿದ್ಯಾರ್ಥಿನಿಲಯದ ಪ್ರವೇಶಕ್ಕೆ ಇರಬೇಕಾದ ಅರ್ಹತೆ, ಸಲ್ಲಿಸಬೇಕಾದ ದಾಖಲೆಗಳ ವಿವರಗಳನ್ನು ಇಲಾಖೆಯ ವೆಬ್‌ಸೈಟ್

https://bcwd.karnataka.gov.in

ಅರ್ಜಿ ಸಲ್ಲಿಸಲು ತಾಂತ್ರಿಕ ತೊಂದರೆಗಳಾದಲ್ಲಿ

bcwdhelpline@gmail.com

ಗೆ ಇ–ಮೇಲ್ ಮುಖಾಂತರ ಅಥವಾ ಜಿಲ್ಲಾ/ತಾಲ್ಲೂಕು ಅಧಿಕಾರಿಗಳು, ಹಿಂದುಳಿದ ವರ್ಗಗಳ ಕಲ್ಯಾಣ ಇಲಾಖೆ ಇವರನ್ನು ಅಗತ್ಯ ದಾಖಲೆಗಳೊಂದಿಗೆ ಸಂಪರ್ಕಿಸಬಹುದು. ಹೆಚ್ಚಿನ ಮಾಹಿತಿಗಾಗಿ ನಗರದ ಜೋಳದರಾಶಿ ದೊಡ್ಡನಗೌಡ ರಂಗಮಂದಿರ ಹತ್ತಿರದ ಡಿ.ದೇವರಾಜು ಅರಸು ಭವನದ ಜಿಲ್ಲಾ ಹಿಂದುಳಿದ ವರ್ಗಗಳ ಕಲ್ಯಾಣ ಇಲಾಖೆಯ ಕಚೇರಿ ಅಥವಾ ಸಹಾಯವಾಣಿ ಸಂಖ್ಯೆ 8050770004/ 8050770005 ಗೆ ಸಂಪರ್ಕಿಸಬಹುದು.

ಪರಿಶಿಷ್ಟ ವರ್ಗಗಳ ಕಲ್ಯಾಣ ಇಲಾಖೆ: 1ನೇ ತರಗತಿ ಪ್ರವೇಶಕ್ಕೆ ಅರ್ಜಿ ಆಹ್ವಾನ
ಹೊಸಪೇಟೆ ಟೈಮ್ಸ್ ನ್ಯೂಸ್

ಬಳ್ಳಾರಿ: ಸಿರುಗುಪ್ಪ ತಾಲ್ಲೂಕಿನ ತೆಕ್ಕಲಕೋಟೆಯ ಮಹರ್ಷಿ ವಾಲ್ಮೀಕಿ ಆದಿವಾಸಿ ಬುಡಕಟ್ಟು ವಸತಿ ಶಾಲೆಯ 2025–26ನೇ ಸಾಲಿನ 01 ನೇ ತರಗತಿ ಪ್ರವೇಶಕ್ಕೆ ಅರ್ಜಿ ಆಹ್ವಾನಿಸಲಾಗಿದೆ ಎಂದು ತಾಲ್ಲೂಕು ಪರಿಶಿಷ್ಟ ವರ್ಗಗಳ ಕಲ್ಯಾಣಾಧಿಕಾರಿ ಅವರು ತಿಳಿಸಿದ್ದಾರೆ.

ಆಸಕ್ತ ಅರ್ಹ ವಿದ್ಯಾರ್ಥಿಗಳು ಮೇ 15 ರಿಂದ ಮೇ 31 ರ ವರೆಗೆ ಅರ್ಜಿ ಸಲ್ಲಿಸಬೇಕು. ಅರ್ಜಿಗಳನ್ನು ಸಿರುಗುಪ್ಪ ತಾಲ್ಲೂಕಿನ ಪರಿಶಿಷ್ಟ ವರ್ಗಗಳ ಕಲ್ಯಾಣಾಧಿಕಾರಿ ಕಚೇರಿ ಮತ್ತು ತೆಕ್ಕಲಕೋಟೆಯ ಮಹರ್ಷಿ ವಾಲ್ಮೀಕಿ ಆದಿವಾಸಿ ಬುಡಕಟ್ಟು ವಸತಿ ಶಾಲೆಯಲ್ಲಿ ಪಡೆಯಬಹುದಾಗಿದೆ.

ಹೆಚ್ಚಿನ ಮಾಹಿತಿಗಾಗಿ ಸಿರುಗುಪ್ಪದ ತಾಲ್ಲೂಕು ಪರಿಶಿಷ್ಟ ವರ್ಗಗಳ ಕಲ್ಯಾಣಾಧಿಕಾರಿ ಕಚೇರಿ ದೂ.08396–222003 ಗೆ ಸಂಪರ್ಕಿಸಬಹುದು ಎಂದು ಪ್ರಕಟಣೆಯಲ್ಲಿ ತಿಳಿಸಿದ್ದಾರೆ.

ಮೃತ ವ್ಯಕ್ತಿ ವಾರಸುದಾರರ ಪತ್ತೆಗೆ ಮನವಿ
ಹೊಸಪೇಟೆ ಟೈಮ್ಸ್ ನ್ಯೂಸ್

ಬಳ್ಳಾರಿ: ನಗರದ ಬೆಂಗಳೂರು ಬೈಪಾಸ್ ರಸ್ತೆಯಲ್ಲಿ ಚೌಧರಿ ಅಂಗಡಿ ಹತ್ತಿರ ಸುಮಾರು 35 ರಿಂದ 40 ವರ್ಷದ ಅನಾಮಧೇಯ ವ್ಯಕ್ತಿಯು ಮೇ 15 ರಂದು ಮೃತಪಟ್ಟಿದ್ದು, ವಾರಸುದಾರರ ಪತ್ತೆಗೆ ಸಹಕರಿಸಬೇಕು ಎಂದು ಬಳ್ಳಾರಿ ಗ್ರಾಮೀಣ ಪೊಲೀಸ್ ಠಾಣೆಯ ಪೊಲೀಸ್ ಇನ್ಸ್‌ಪೆಕ್ಟರ್ ಅವರು ತಿಳಿಸಿದ್ದಾರೆ.

ಚಹರೆ ಗುರುತು:

ಎತ್ತರ 5.4 ಅಡಿ, ಕೋಲು ಮುಖ, ಗೋಧಿ ಮೈಬಣ್ಣ, ತಲೆಯಲ್ಲಿ ಕಪ್ಪು ಕೂದಲು ಇರುತ್ತದೆ. ಮೈಮೇಲೆ ಅರಿಶಿಣ ಬಣ್ಣದ ಹಾಫ್ ಟೀ–ಶರ್ಟ್ ಮತ್ತು ಕಪ್ಪು ಬಣ್ಣದ ಪ್ಯಾಂಟ್ ಧರಿಸಿರುತ್ತಾನೆ.

ಈ ಮೇಲ್ಕಂಡ ಚಹರೆ ಗುರುತುಳ್ಳ ವ್ಯಕ್ತಿಯ ವಾರಸುದಾರರ ಬಗ್ಗೆ ಮಾಹಿತಿ ಸಿಕ್ಕಲ್ಲಿ ಬಳ್ಳಾರಿ ಪೊಲೀಸ್ ಕಂಟ್ರೋಲ್ ರೂಂ ದೂ.08392–258100, 258102 ಅಥವಾ ಬಳ್ಳಾರಿ ಗ್ರಾಮೀಣ ಪೊಲೀಸ್ ಠಾಣೆ ದೂ.08392–276461, ಪಿ.ಐ ಮೊ.9480803049 ಗೆ ಸಂಪರ್ಕಿಸಬಹುದು ಎಂದು ಪ್ರಕಟಣೆಯಲ್ಲಿ ತಿಳಿಸಿದ್ದಾರೆ.
